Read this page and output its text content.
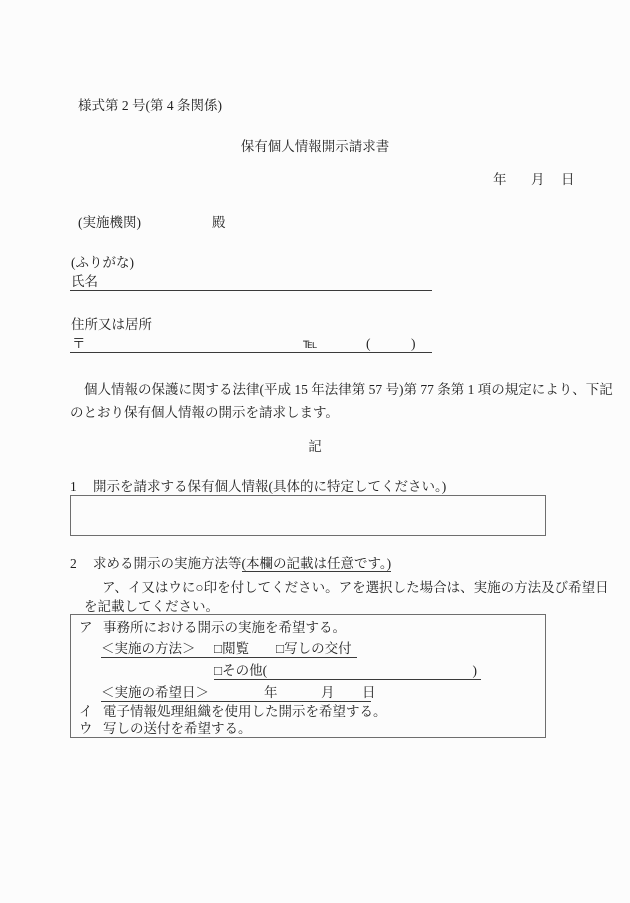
様式第 2 号(第 4 条関係)
保有個人情報開示請求書
年 月 日
(実施機関)	殿
(ふりがな)
氏名
住所又は居所
〒	℡	(　　　)
個人情報の保護に関する法律(平成 15 年法律第 57 号)第 77 条第 1 項の規定により、下記
のとおり保有個人情報の開示を請求します。
記
1 開示を請求する保有個人情報(具体的に特定してください。)
2 求める開示の実施方法等(本欄の記載は任意です。)
ア、イ又はウに○印を付してください。アを選択した場合は、実施の方法及び希望日
を記載してください。
ア 事務所における開示の実施を希望する。
＜実施の方法＞ □閲覧 □写しの交付
□その他(	)
＜実施の希望日＞	年	月 日
イ 電子情報処理組織を使用した開示を希望する。
ウ 写しの送付を希望する。
